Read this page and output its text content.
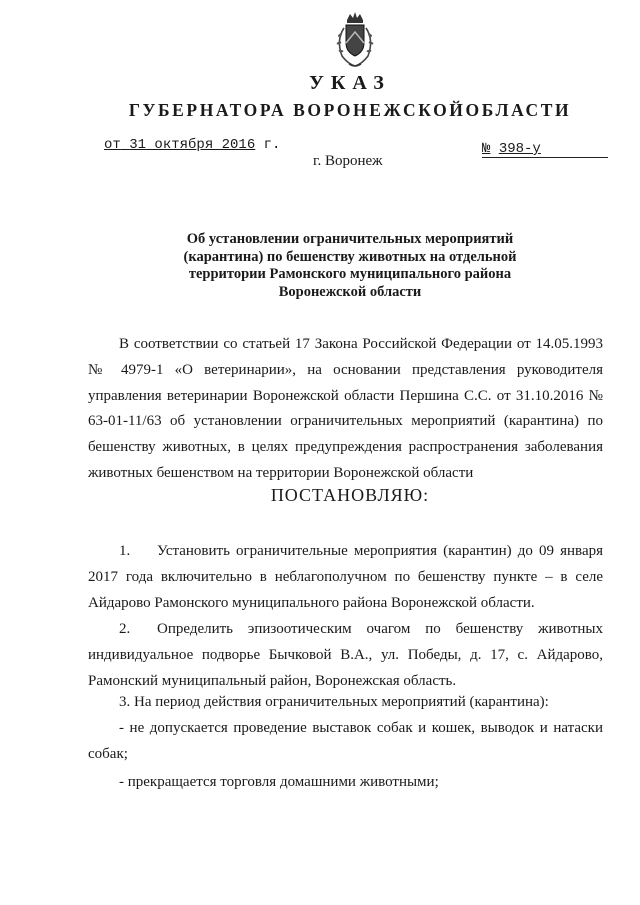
УКАЗ
ГУБЕРНАТОРА ВОРОНЕЖСКОЙОБЛАСТИ
от 31 октября 2016 г.	№ 398-у
г. Воронеж
Об установлении ограничительных мероприятий (карантина) по бешенству животных на отдельной территории Рамонского муниципального района Воронежской области
В соответствии со статьей 17 Закона Российской Федерации от 14.05.1993 № 4979-1 «О ветеринарии», на основании представления руководителя управления ветеринарии Воронежской области Першина С.С. от 31.10.2016 № 63-01-11/63 об установлении ограничительных мероприятий (карантина) по бешенству животных, в целях предупреждения распространения заболевания животных бешенством на территории Воронежской области
ПОСТАНОВЛЯЮ:
1. Установить ограничительные мероприятия (карантин) до 09 января 2017 года включительно в неблагополучном по бешенству пункте – в селе Айдарово Рамонского муниципального района Воронежской области.
2. Определить эпизоотическим очагом по бешенству животных индивидуальное подворье Бычковой В.А., ул. Победы, д. 17, с. Айдарово, Рамонский муниципальный район, Воронежская область.
3. На период действия ограничительных мероприятий (карантина):
- не допускается проведение выставок собак и кошек, выводок и натаски собак;
- прекращается торговля домашними животными;
